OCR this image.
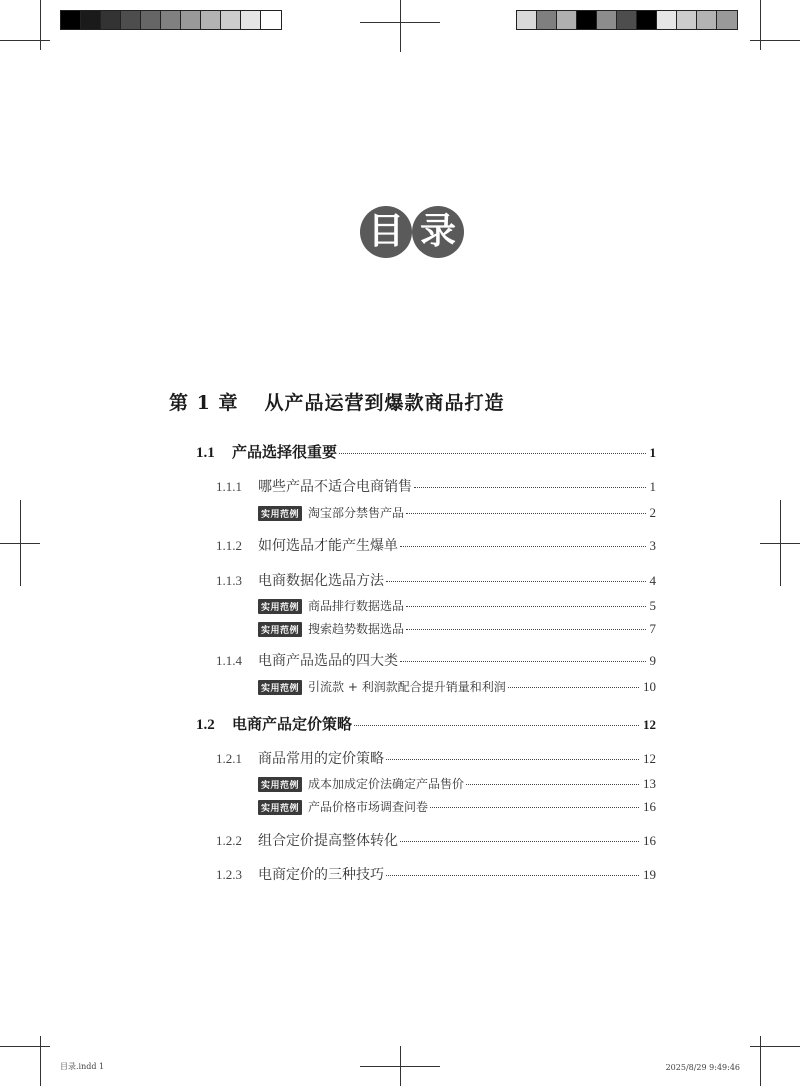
目 录
第 1 章 从产品运营到爆款商品打造
1.1	产品选择很重要	1
1.1.1	哪些产品不适合电商销售	1
实用范例 淘宝部分禁售产品	2
1.1.2	如何选品才能产生爆单	3
1.1.3	电商数据化选品方法	4
实用范例 商品排行数据选品	5
实用范例 搜索趋势数据选品	7
1.1.4	电商产品选品的四大类	9
实用范例 引流款 + 利润款配合提升销量和利润	10
1.2	电商产品定价策略	12
1.2.1	商品常用的定价策略	12
实用范例 成本加成定价法确定产品售价	13
实用范例 产品价格市场调查问卷	16
1.2.2	组合定价提高整体转化	16
1.2.3	电商定价的三种技巧	19
目录.indd 1	2025/8/29 9:49:46
